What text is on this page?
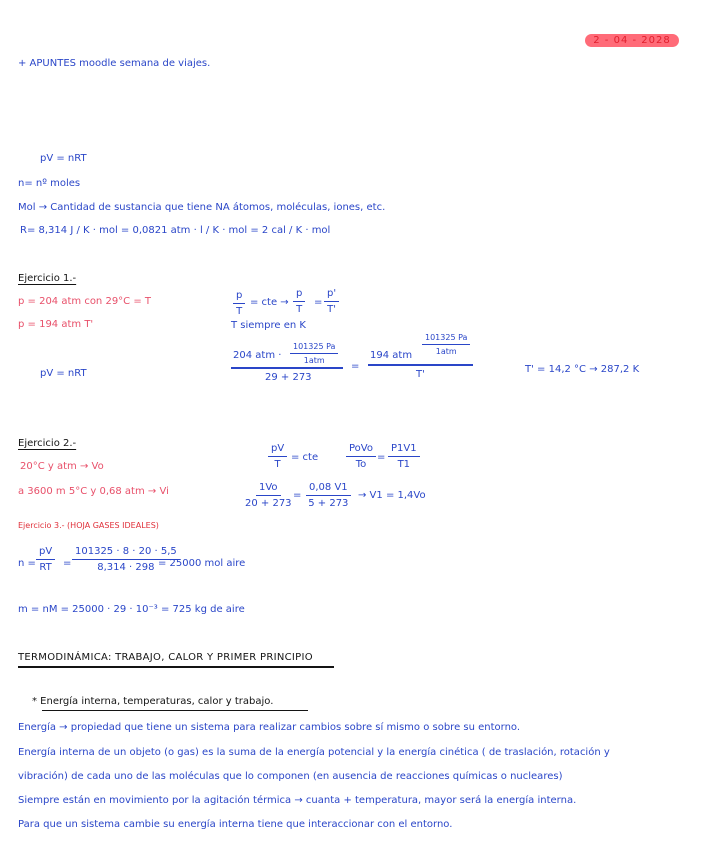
2 - 04 - 2028
+ APUNTES moodle semana de viajes.
pV = nRT
n= nº moles
Mol → Cantidad de sustancia que tiene NA átomos, moléculas, iones, etc.
R= 8,314 J / K · mol = 0,0821 atm · l / K · mol = 2 cal / K · mol
Ejercicio 1.-
p = 204 atm con 29°C = T
p = 194 atm T'
pV = nRT
$\frac{p}{T}$ = cte → $\frac{p}{T} = \frac{p'}{T'}$
T siempre en K
204 atm ·
101325 Pa
1atm
29 + 273
=
194 atm
101325 Pa
1atm
T'	T' = 14,2 °C → 287,2 K
Ejercicio 2.-
20°C y atm → Vo
a 3600 m 5°C y 0,68 atm → Vi
$\frac{pV}{T}$ = cte
PoVo
To
= $\frac{P1V1}{T1}$
$\frac{1Vo}{20 + 273} = \frac{0,08 V1}{5 + 273} \to V1 = 1,4Vo$
Ejercicio 3.- (HOJA GASES IDEALES)
$n = \frac{pV}{RT} = \frac{101325 \cdot 8 \cdot 20 \cdot 5,5}{8,314 \cdot 298}$
= 25000 mol aire
m = nM = 25000 · 29 · 10⁻³ = 725 kg de aire
TERMODINÁMICA: TRABAJO, CALOR Y PRIMER PRINCIPIO
* Energía interna, temperaturas, calor y trabajo.
Energía → propiedad que tiene un sistema para realizar cambios sobre sí mismo o sobre su entorno.
Energía interna de un objeto (o gas) es la suma de la energía potencial y la energía cinética ( de traslación, rotación y
vibración) de cada uno de las moléculas que lo componen (en ausencia de reacciones químicas o nucleares)
Siempre están en movimiento por la agitación térmica → cuanta + temperatura, mayor será la energía interna.
Para que un sistema cambie su energía interna tiene que interaccionar con el entorno.
